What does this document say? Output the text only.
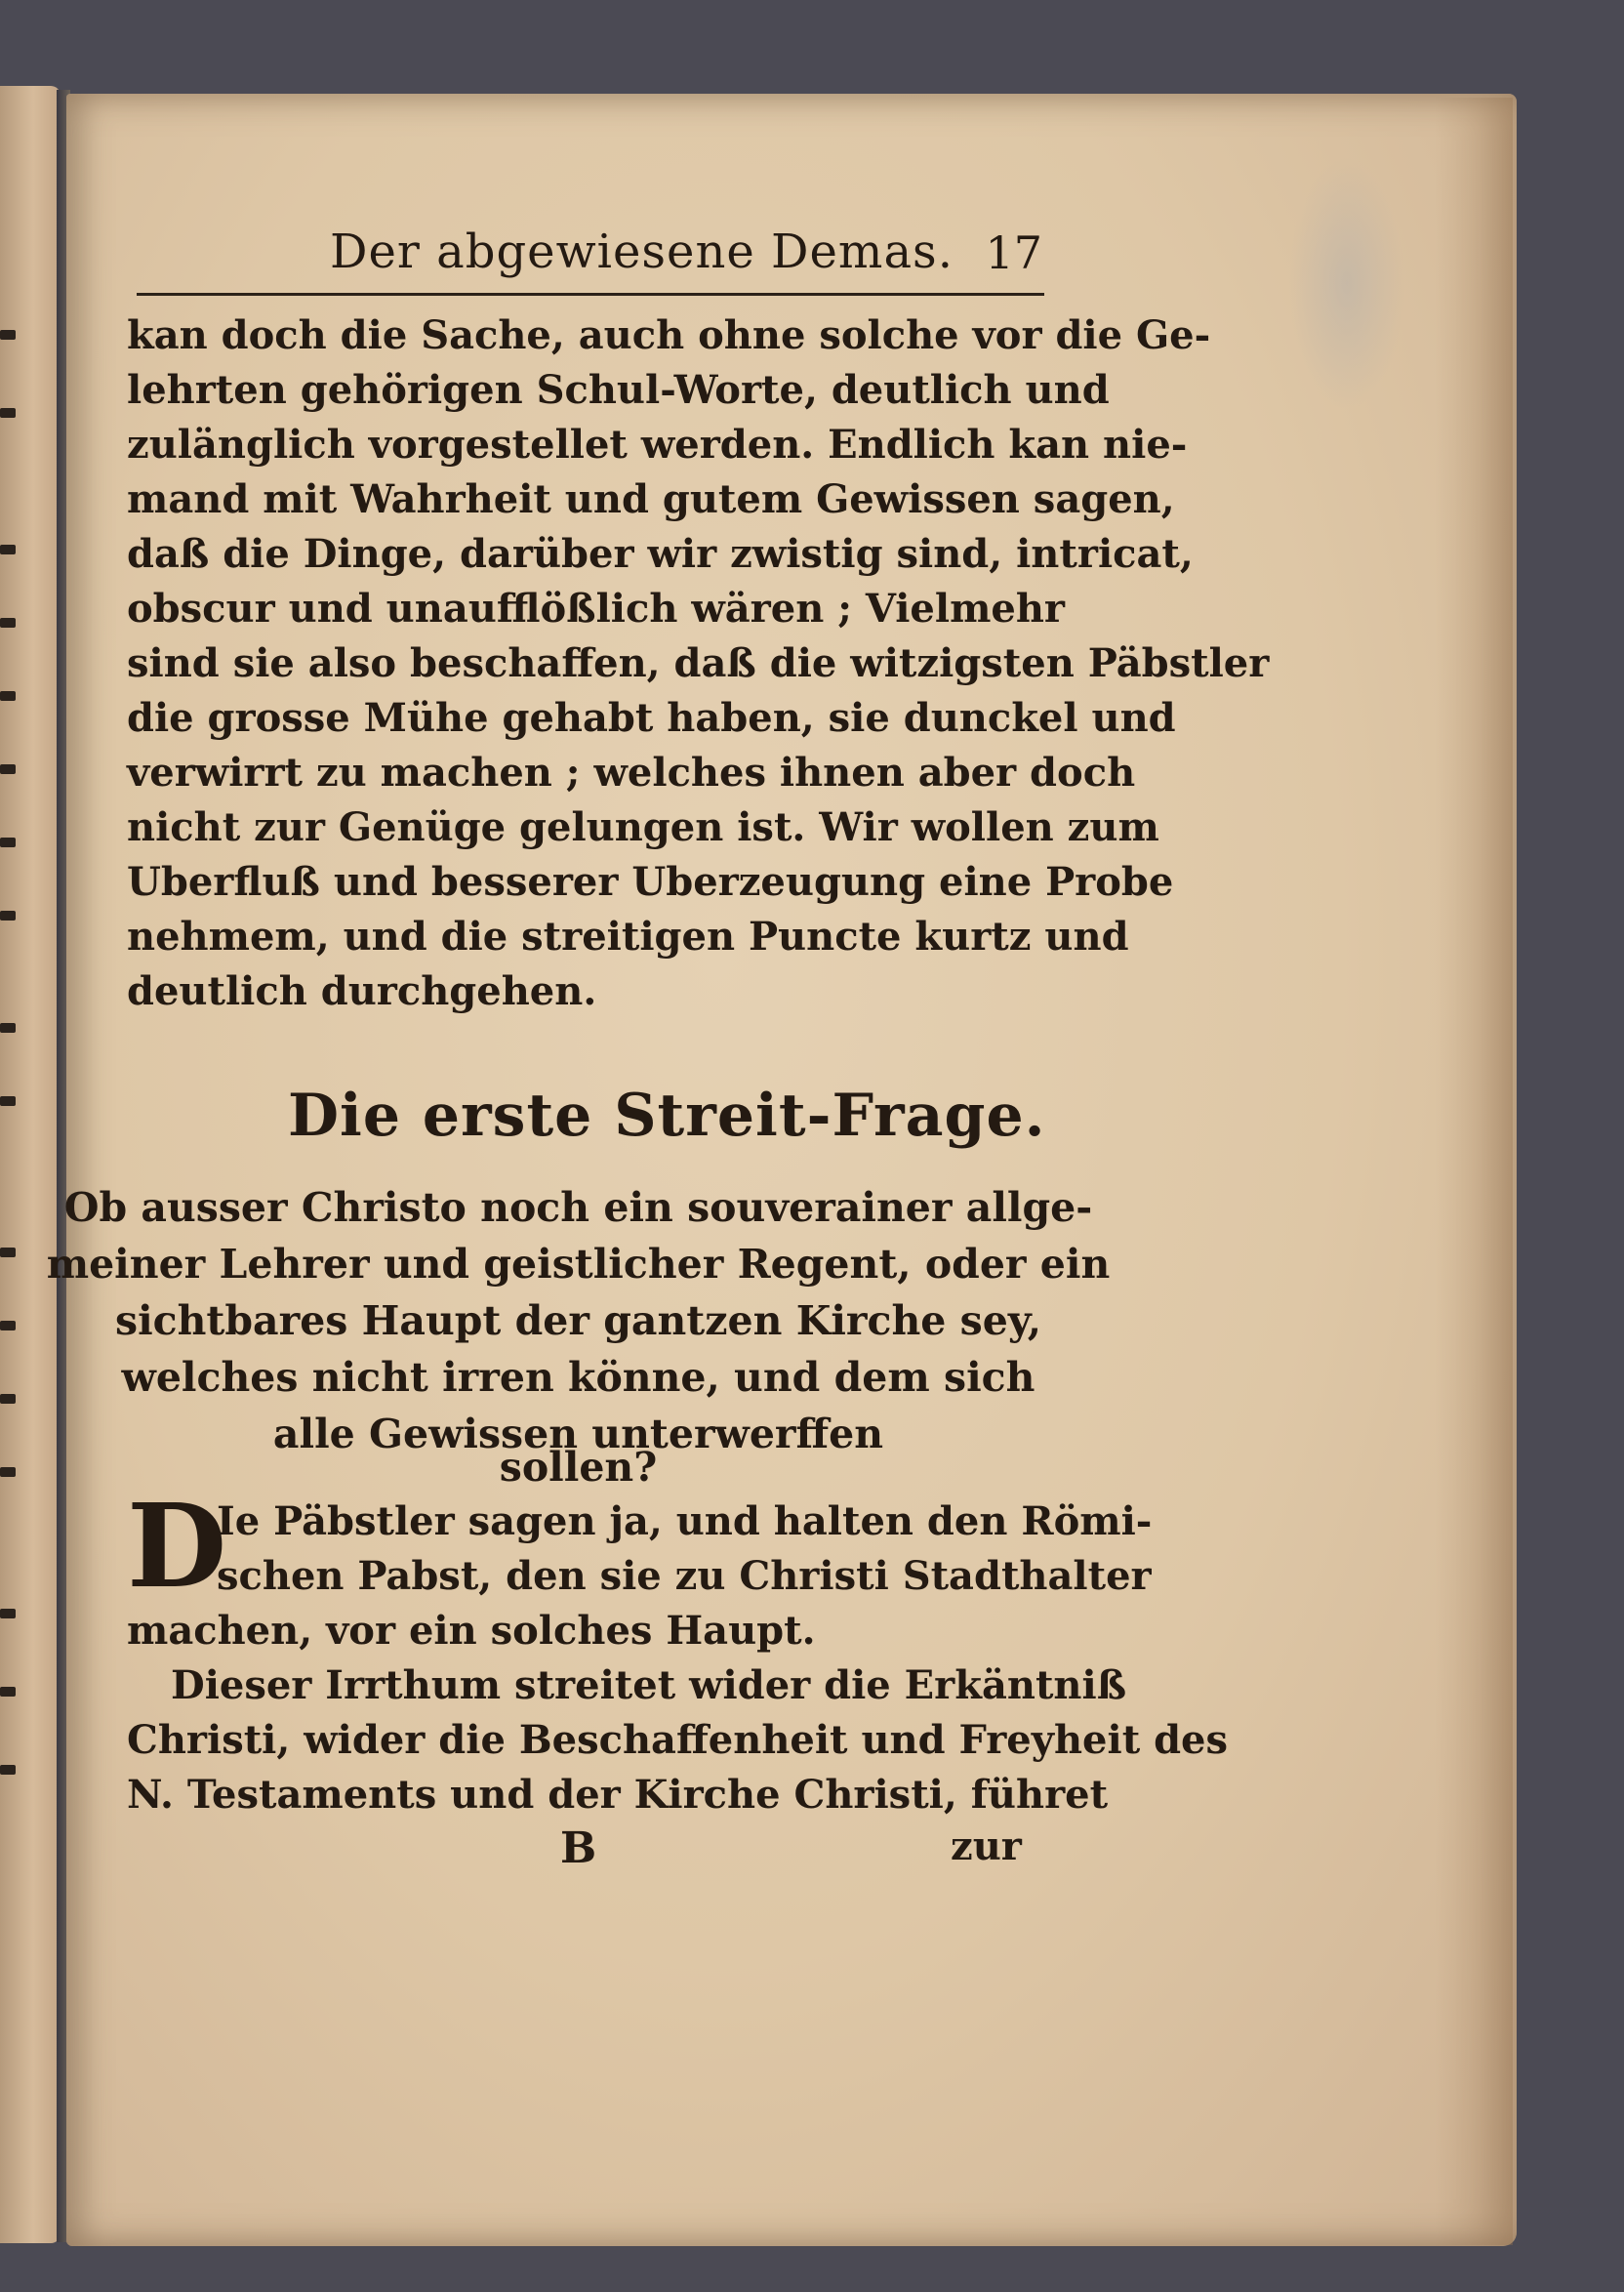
Der abgewiesene Demas. 17
kan doch die Sache, auch ohne solche vor die Ge-
lehrten gehörigen Schul-Worte, deutlich und
zulänglich vorgestellet werden. Endlich kan nie-
mand mit Wahrheit und gutem Gewissen sagen,
daß die Dinge, darüber wir zwistig sind, intricat,
obscur und unaufflößlich wären ; Vielmehr
sind sie also beschaffen, daß die witzigsten Päbstler
die grosse Mühe gehabt haben, sie dunckel und
verwirrt zu machen ; welches ihnen aber doch
nicht zur Genüge gelungen ist. Wir wollen zum
Uberfluß und besserer Uberzeugung eine Probe
nehmem, und die streitigen Puncte kurtz und
deutlich durchgehen.
Die erste Streit-Frage.
Ob ausser Christo noch ein souverainer allge-
meiner Lehrer und geistlicher Regent, oder ein
sichtbares Haupt der gantzen Kirche sey,
welches nicht irren könne, und dem sich
alle Gewissen unterwerffen
sollen?
D
Ie Päbstler sagen ja, und halten den Römi-
schen Pabst, den sie zu Christi Stadthalter
machen, vor ein solches Haupt.
Dieser Irrthum streitet wider die Erkäntniß
Christi, wider die Beschaffenheit und Freyheit des
N. Testaments und der Kirche Christi, führet
B	zur
